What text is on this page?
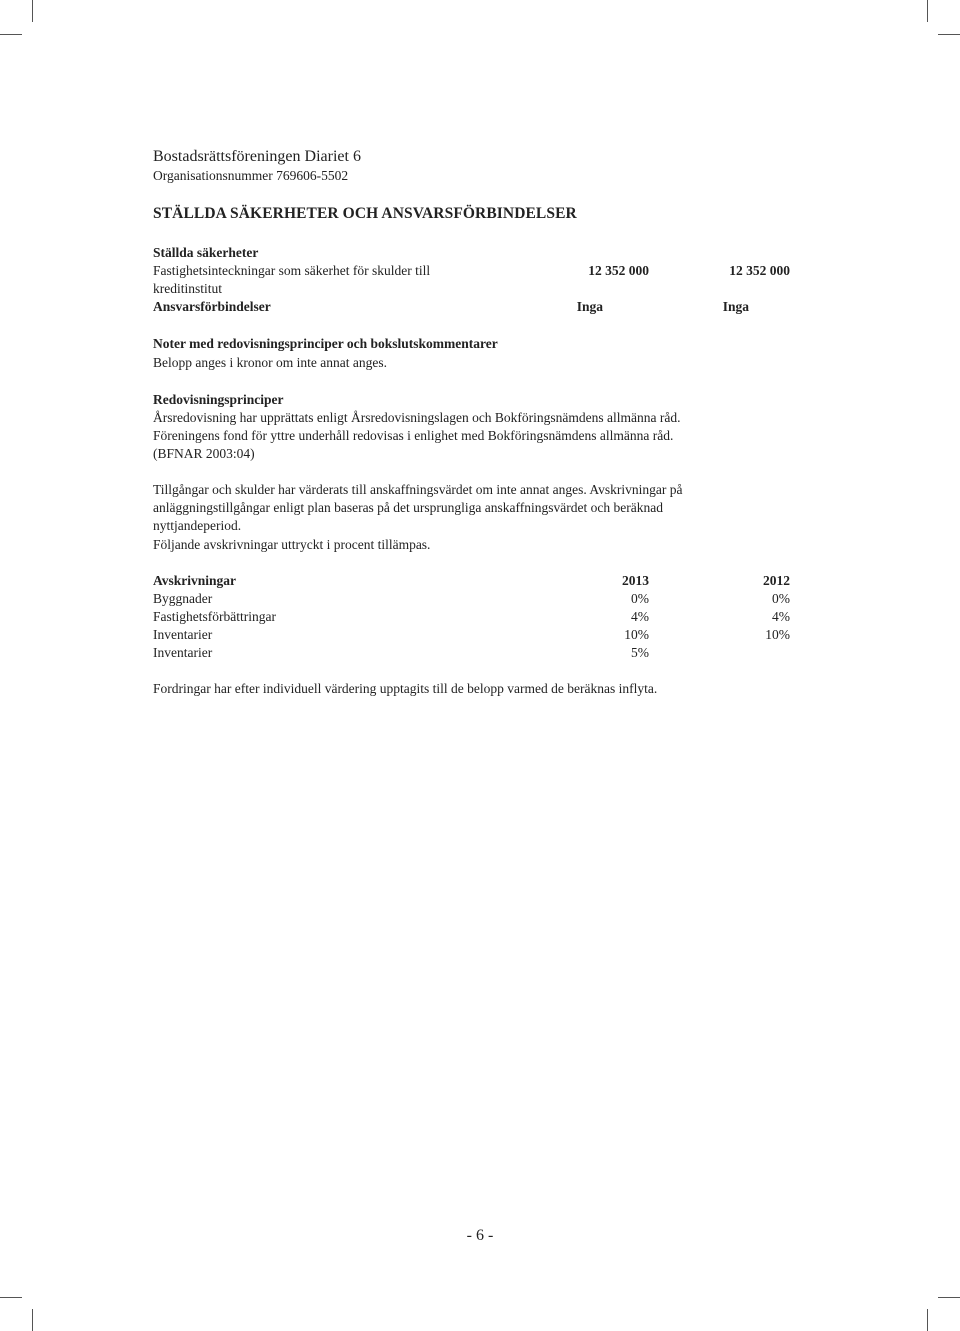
Bostadsrättsföreningen Diariet 6
Organisationsnummer 769606-5502
STÄLLDA SÄKERHETER OCH ANSVARSFÖRBINDELSER
Ställda säkerheter
Fastighetsinteckningar som säkerhet för skulder till	12 352 000	12 352 000
kreditinstitut
Ansvarsförbindelser	Inga	Inga
Noter med redovisningsprinciper och bokslutskommentarer
Belopp anges i kronor om inte annat anges.
Redovisningsprinciper
Årsredovisning har upprättats enligt Årsredovisningslagen och Bokföringsnämdens allmänna råd.
Föreningens fond för yttre underhåll redovisas i enlighet med Bokföringsnämdens allmänna råd.
(BFNAR 2003:04)
Tillgångar och skulder har värderats till anskaffningsvärdet om inte annat anges. Avskrivningar på
anläggningstillgångar enligt plan baseras på det ursprungliga anskaffningsvärdet och beräknad
nyttjandeperiod.
Följande avskrivningar uttryckt i procent tillämpas.
Avskrivningar	2013	2012
Byggnader	0%	0%
Fastighetsförbättringar	4%	4%
Inventarier	10%	10%
Inventarier	5%
Fordringar har efter individuell värdering upptagits till de belopp varmed de beräknas inflyta.
- 6 -
